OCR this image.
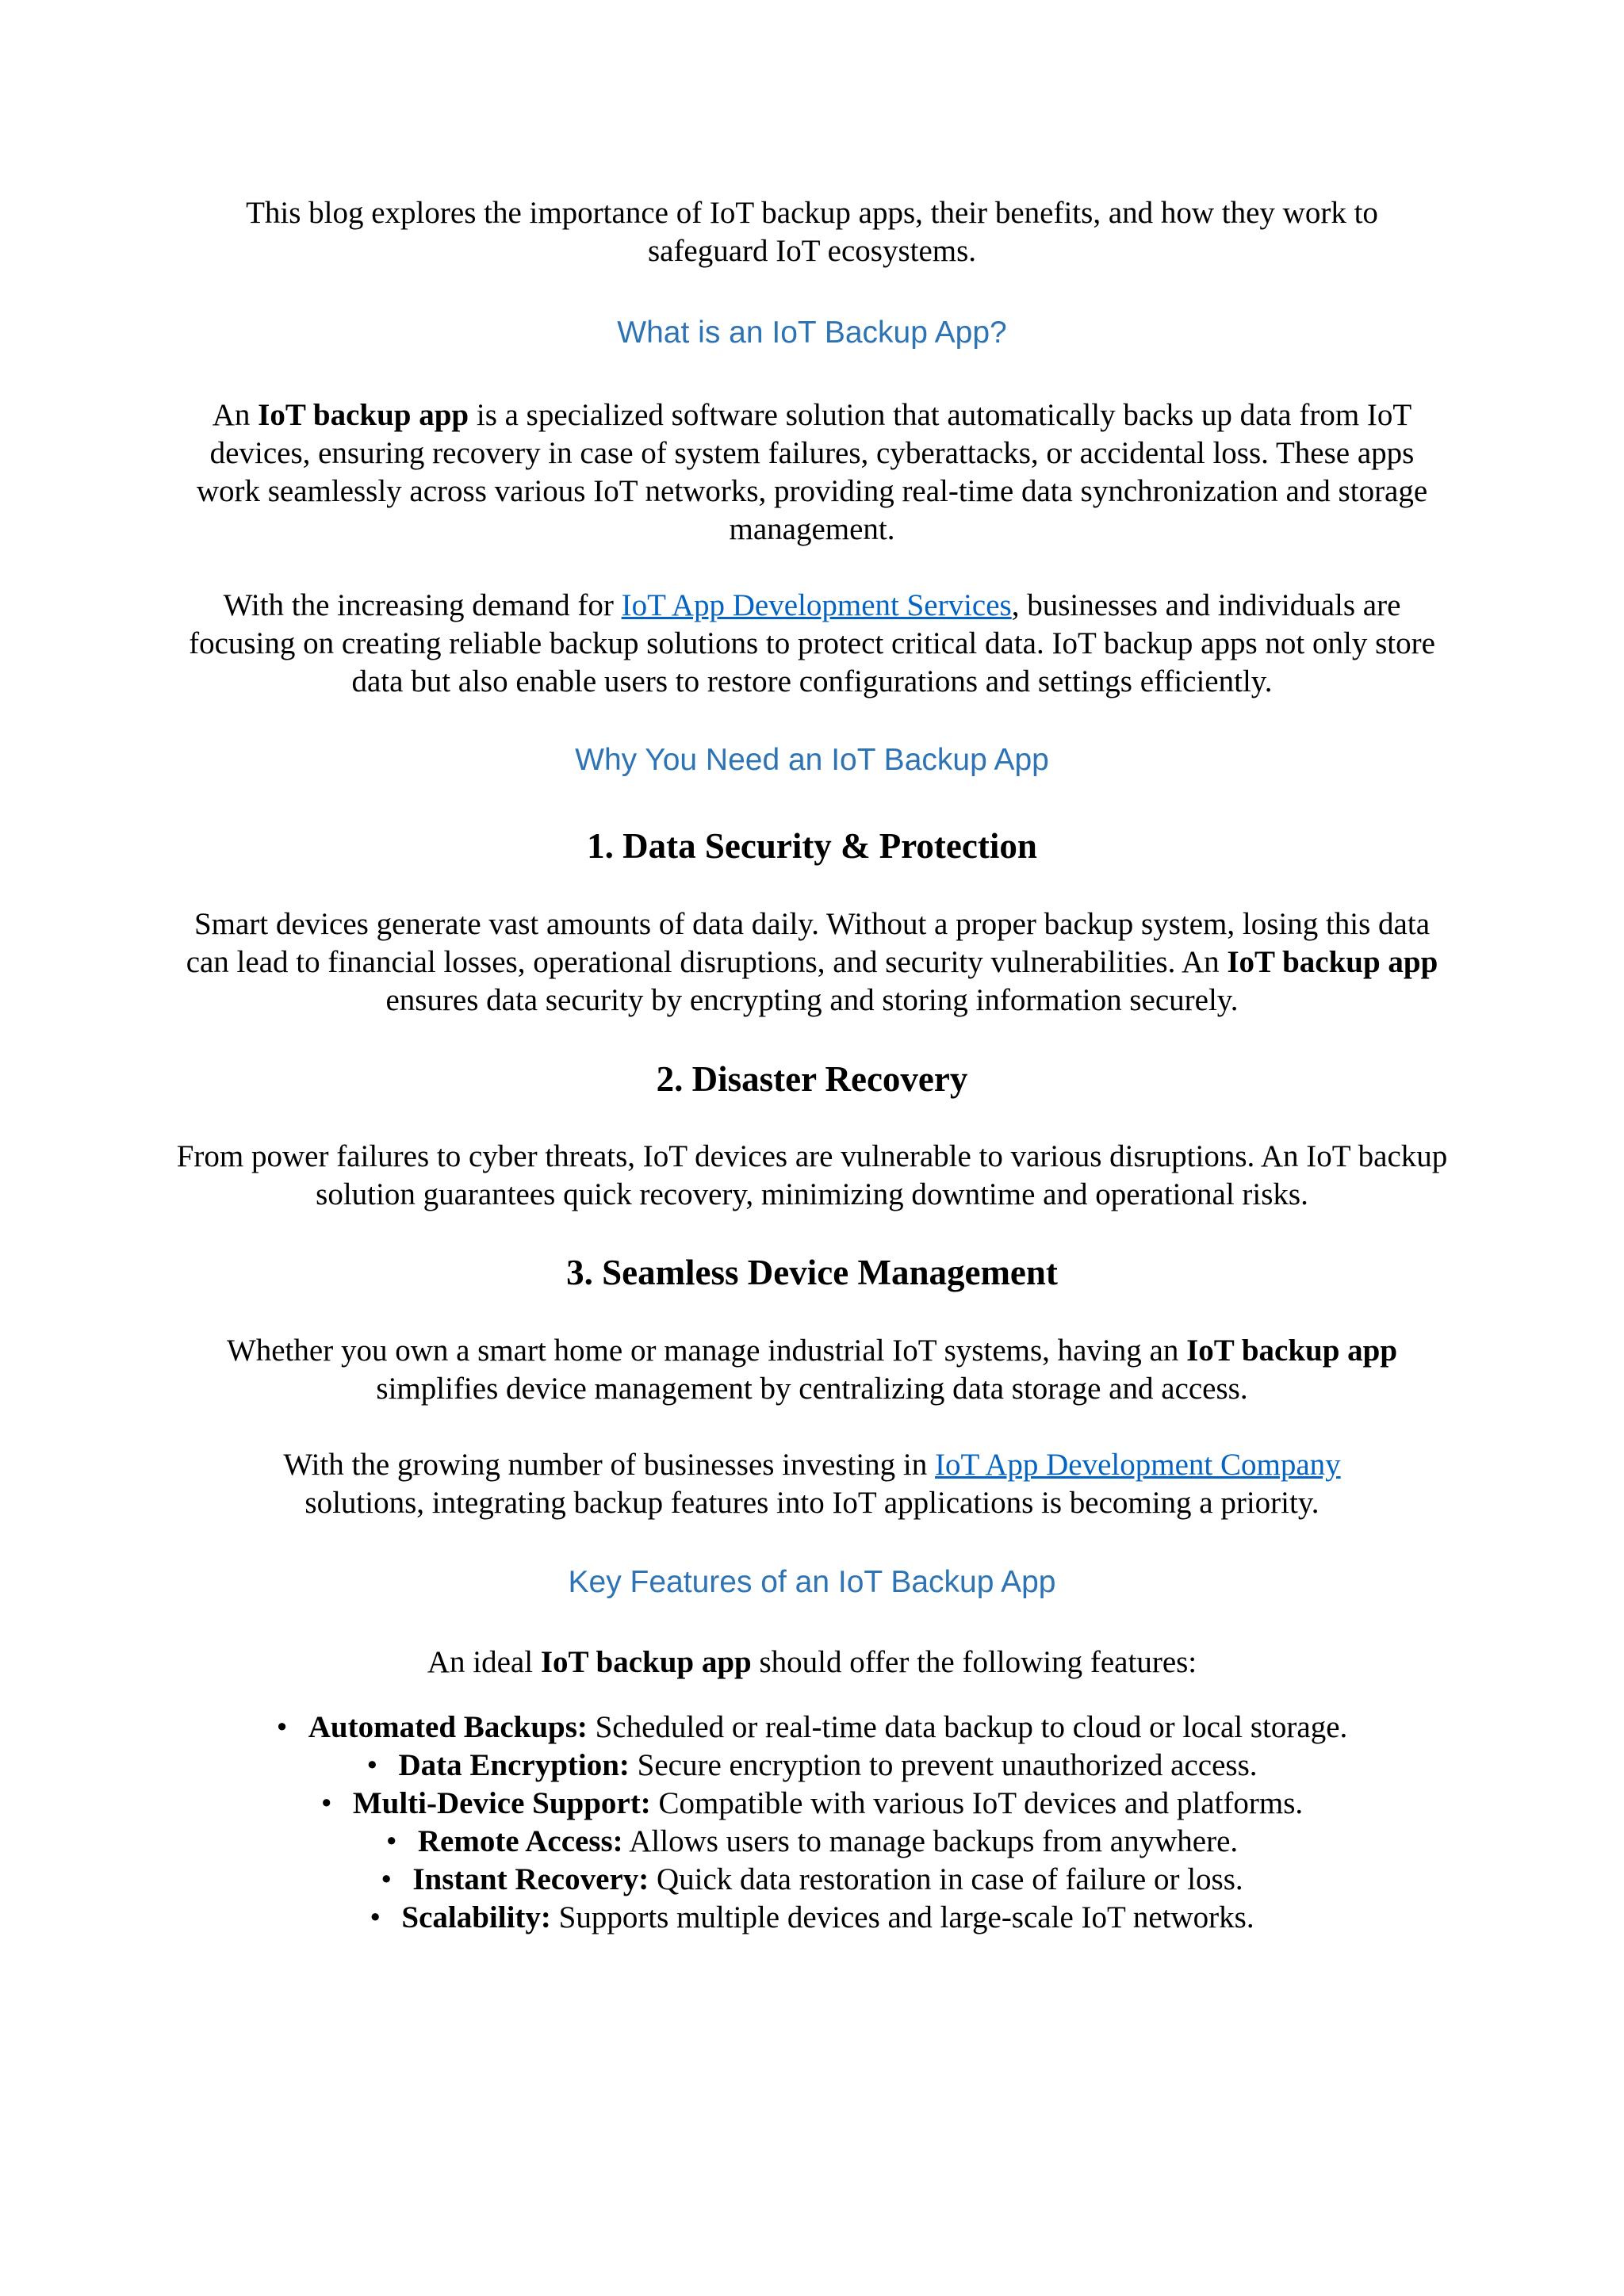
This blog explores the importance of IoT backup apps, their benefits, and how they work to safeguard IoT ecosystems.

What is an IoT Backup App?

An IoT backup app is a specialized software solution that automatically backs up data from IoT devices, ensuring recovery in case of system failures, cyberattacks, or accidental loss. These apps work seamlessly across various IoT networks, providing real-time data synchronization and storage management.

With the increasing demand for IoT App Development Services, businesses and individuals are focusing on creating reliable backup solutions to protect critical data. IoT backup apps not only store data but also enable users to restore configurations and settings efficiently.

Why You Need an IoT Backup App
1. Data Security & Protection

Smart devices generate vast amounts of data daily. Without a proper backup system, losing this data can lead to financial losses, operational disruptions, and security vulnerabilities. An IoT backup app ensures data security by encrypting and storing information securely.

2. Disaster Recovery

From power failures to cyber threats, IoT devices are vulnerable to various disruptions. An IoT backup solution guarantees quick recovery, minimizing downtime and operational risks.

3. Seamless Device Management

Whether you own a smart home or manage industrial IoT systems, having an IoT backup app simplifies device management by centralizing data storage and access.

With the growing number of businesses investing in IoT App Development Company solutions, integrating backup features into IoT applications is becoming a priority.

Key Features of an IoT Backup App

An ideal IoT backup app should offer the following features:

• Automated Backups: Scheduled or real-time data backup to cloud or local storage.
• Data Encryption: Secure encryption to prevent unauthorized access.
• Multi-Device Support: Compatible with various IoT devices and platforms.
• Remote Access: Allows users to manage backups from anywhere.
• Instant Recovery: Quick data restoration in case of failure or loss.
• Scalability: Supports multiple devices and large-scale IoT networks.
